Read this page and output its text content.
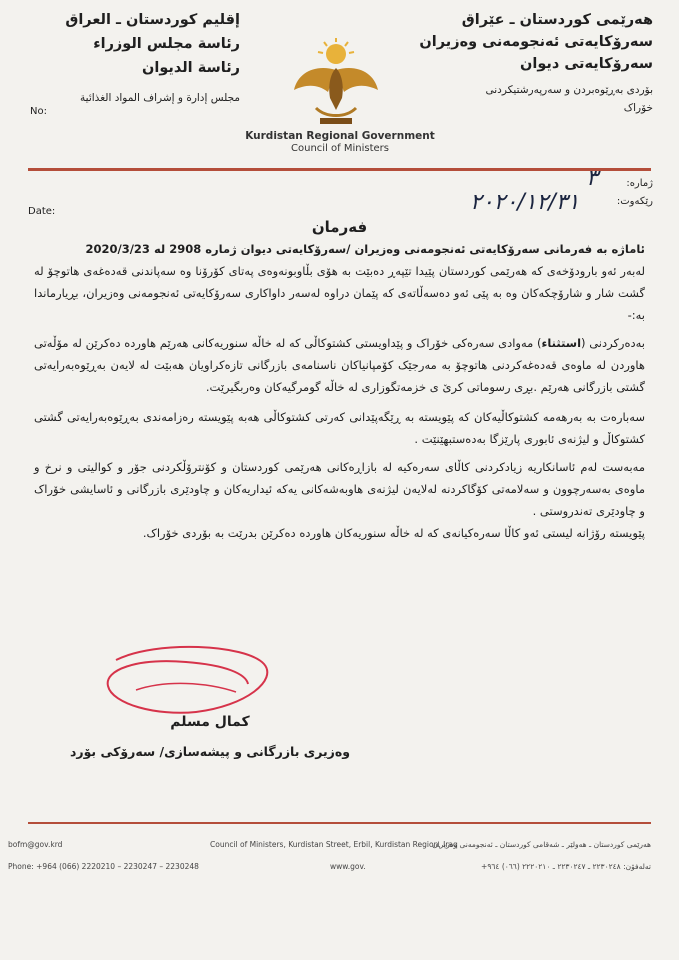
هەرێمی کوردستان ـ عێراق
سەرۆکایەتی ئەنجومەنی وەزیران
سەرۆکایەتی دیوان
بۆردی بەڕێوەبردن و سەرپەرشتیکردنی
خۆراک
إقليم كوردستان ـ العراق
رئاسة مجلس الوزراء
رئاسة الديوان
مجلس إدارة و إشراف المواد الغذائية
No:
Kurdistan Regional Government
Council of Ministers
ژمارە:
٣
رێکەوت:
٢٠٢٠/١٢/٣١
Date:
فەرمان
ئاماژە بە فەرمانی سەرۆکایەتی ئەنجومەنی وەزیران /سەرۆکایەتی دیوان ژمارە 2908 لە 2020/3/23
لەبەر ئەو بارودۆخەی کە هەرێمی کوردستان پێیدا تێپەڕ دەبێت بە هۆی بڵاوبونەوەی پەتای کۆرۆنا وە سەپاندنی قەدەغەی هاتوچۆ لە گشت شار و شارۆچکەکان وە بە پێی ئەو دەسەڵاتەی کە پێمان دراوە لەسەر داواکاری سەرۆکایەتی ئەنجومەنی وەزیران، بڕیارماندا بە:-
بەدەرکردنی (استثناء) مەوادی سەرەکی خۆراک و پێداویستی کشتوکاڵی کە لە خاڵە سنوریەکانی هەرێم هاوردە دەکرێن لە مۆڵەتی هاوردن لە ماوەی قەدەغەکردنی هاتوچۆ بە مەرجێک کۆمپانیاکان ناسنامەی بازرگانی تازەکراویان هەبێت لە لایەن بەڕێوەبەرایەتی گشتی بازرگانی هەرێم .بڕی رسوماتی کرێ ی خزمەتگوزاری لە خاڵە گومرگیەکان وەربگیرێت.
سەبارەت بە بەرهەمە کشتوکاڵیەکان کە پێویستە بە ڕێگەپێدانی کەرتی کشتوکاڵی هەبە پێویستە رەزامەندی بەڕێوەبەرایەتی گشتی کشتوکاڵ و لیژنەی ئابوری پارێزگا بەدەستبهێنێت .
مەبەست لەم ئاسانکاریە زیادکردنی کاڵای سەرەکیە لە بازاڕەکانی هەرێمی کوردستان و کۆنترۆڵکردنی جۆر و کوالیتی و نرخ و ماوەی بەسەرچوون و سەلامەتی کۆگاکردنە لەلایەن لیژنەی هاوبەشەکانی یەکە ئیداریەکان و چاودێری بازرگانی و ئاسایشی خۆراک و چاودێری تەندروستی .
پێویستە رۆژانە لیستی ئەو کاڵا سەرەکیانەی کە لە خاڵە سنوریەکان هاوردە دەکرێن بدرێت بە بۆردی خۆراک.
کمال مسلم
وەزیری بازرگانی و پیشەسازی/ سەرۆکی بۆرد
bofm@gov.krd
Phone: +964 (066) 2220210 – 2230247 – 2230248
Council of Ministers, Kurdistan Street, Erbil, Kurdistan Region, Iraq
www.gov.
هەرێمی کوردستان ـ هەولێر ـ شەقامی کوردستان ـ ئەنجومەنی وەزیران
تەلەفۆن: ٢٢٣٠٢٤٨ ـ ٢٢٣٠٢٤٧ ـ ٢٢٢٠٢١٠ (٠٦٦) ٩٦٤+
